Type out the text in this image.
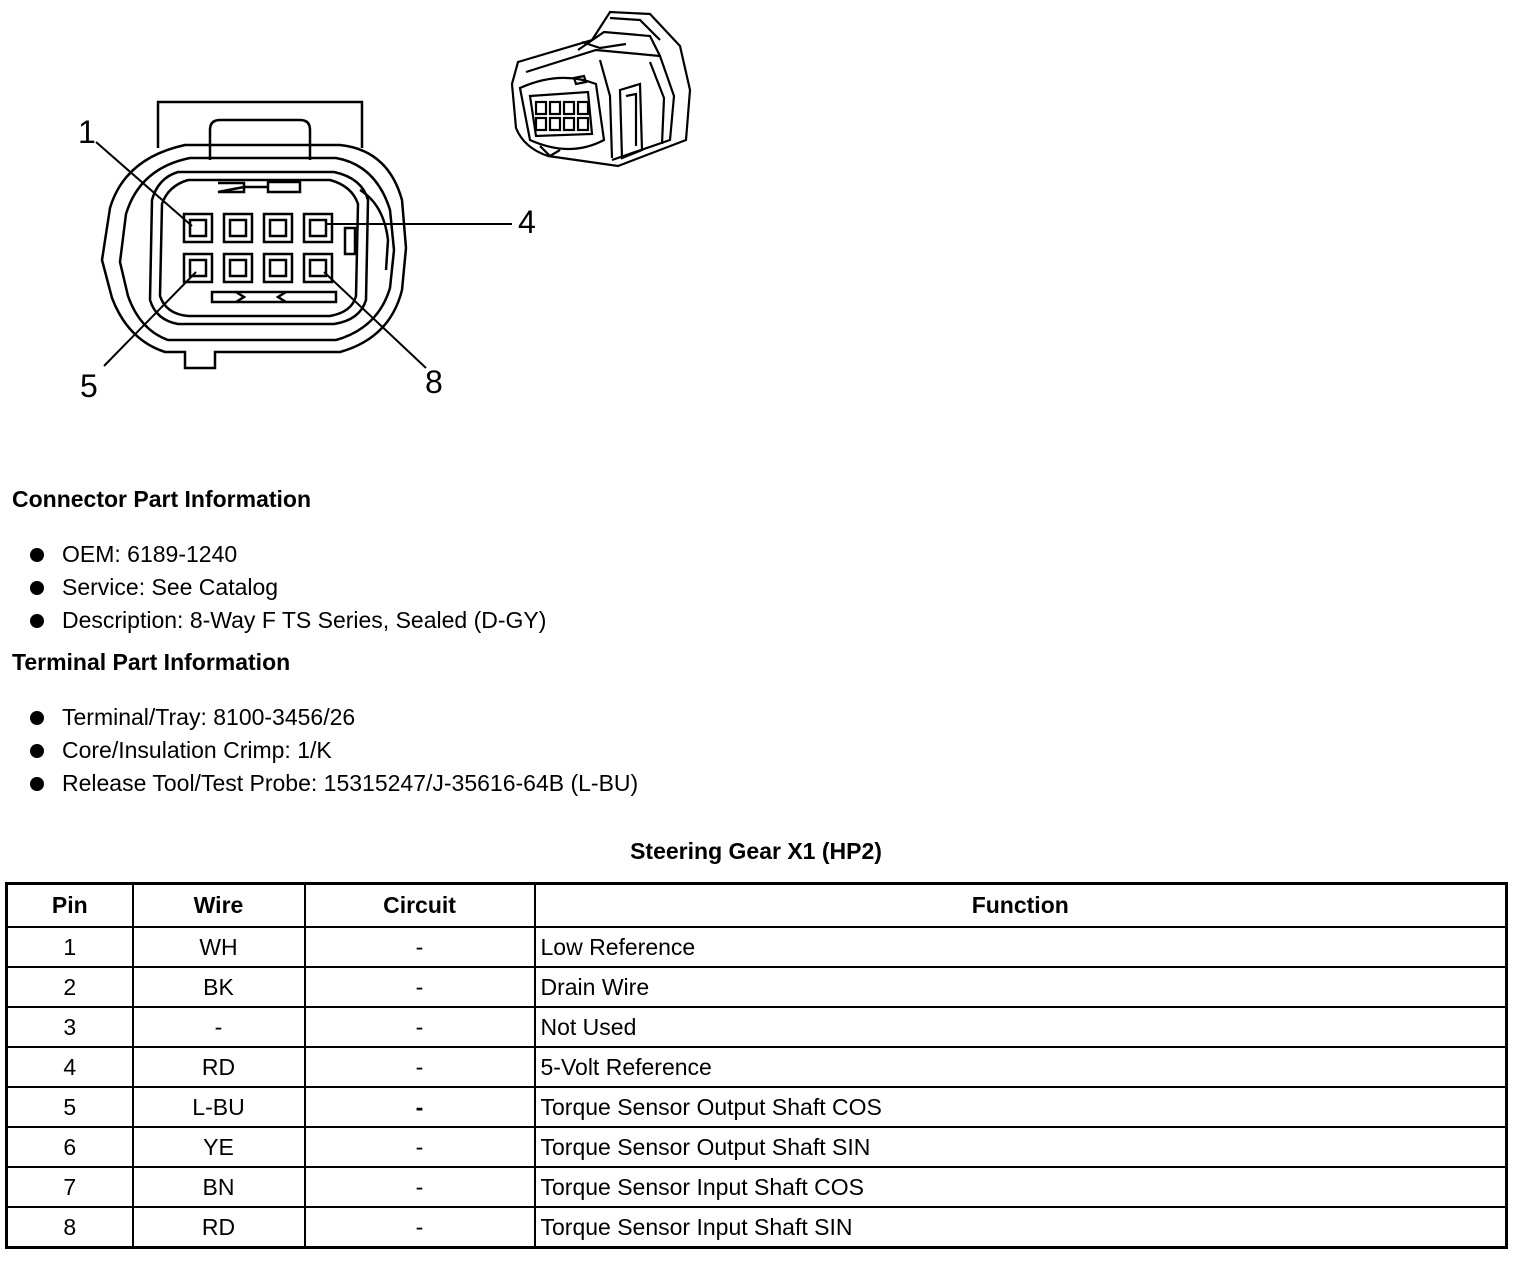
1
4
5	8
Connector Part Information
OEM: 6189-1240
Service: See Catalog
Description: 8-Way F TS Series, Sealed (D-GY)
Terminal Part Information
Terminal/Tray: 8100-3456/26
Core/Insulation Crimp: 1/K
Release Tool/Test Probe: 15315247/J-35616-64B (L-BU)
Steering Gear X1 (HP2)
Pin	Wire	Circuit	Function
1	WH	-	Low Reference
2	BK	-	Drain Wire
3	-	-	Not Used
4	RD	-	5-Volt Reference
5	L-BU	-	Torque Sensor Output Shaft COS
6	YE	-	Torque Sensor Output Shaft SIN
7	BN	-	Torque Sensor Input Shaft COS
8	RD	-	Torque Sensor Input Shaft SIN
